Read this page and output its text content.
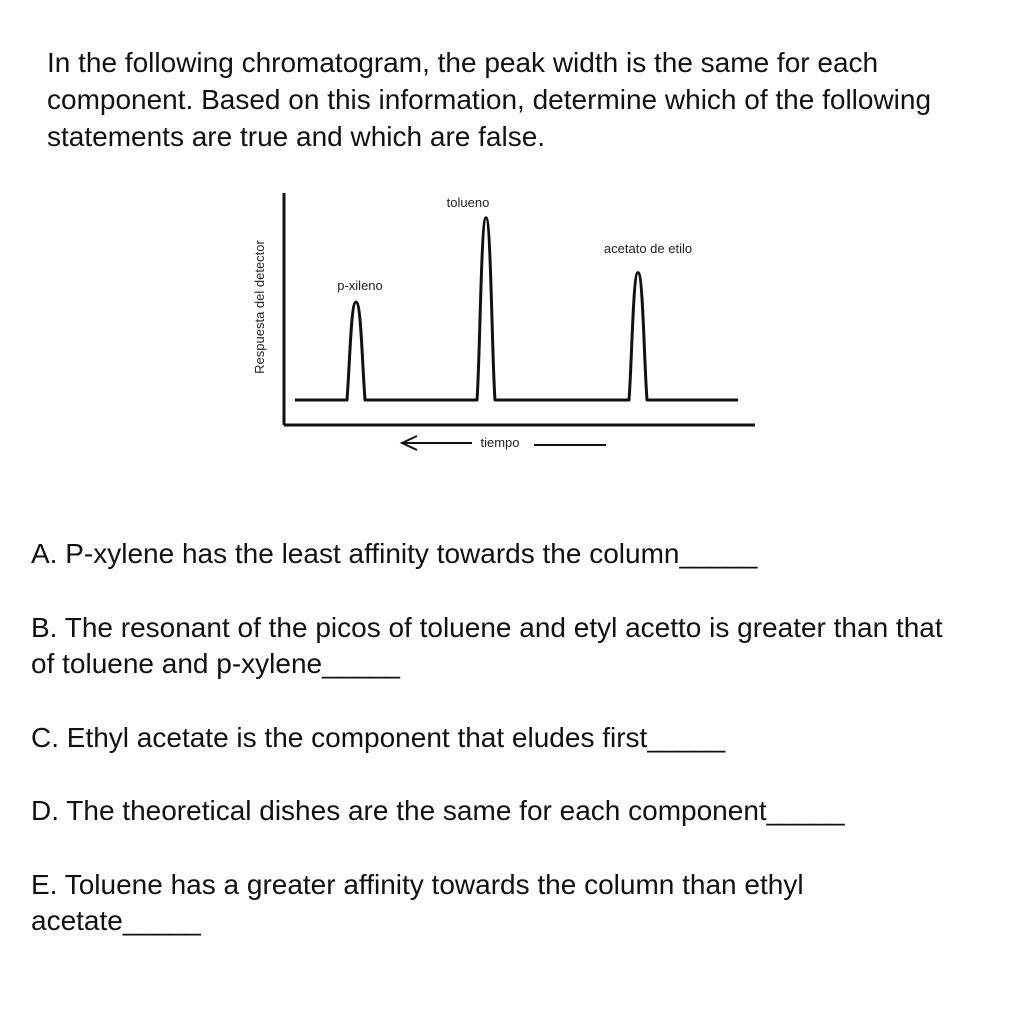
In the following chromatogram, the peak width is the same for each component. Based on this information, determine which of the following statements are true and which are false.

Respuesta del detector	p-xileno
tolueno
acetato de etilo
tiempo

A. P-xylene has the least affinity towards the column_____

B. The resonant of the picos of toluene and etyl acetto is greater than that of toluene and p-xylene_____

C. Ethyl acetate is the component that eludes first_____

D. The theoretical dishes are the same for each component_____

E. Toluene has a greater affinity towards the column than ethyl acetate_____
